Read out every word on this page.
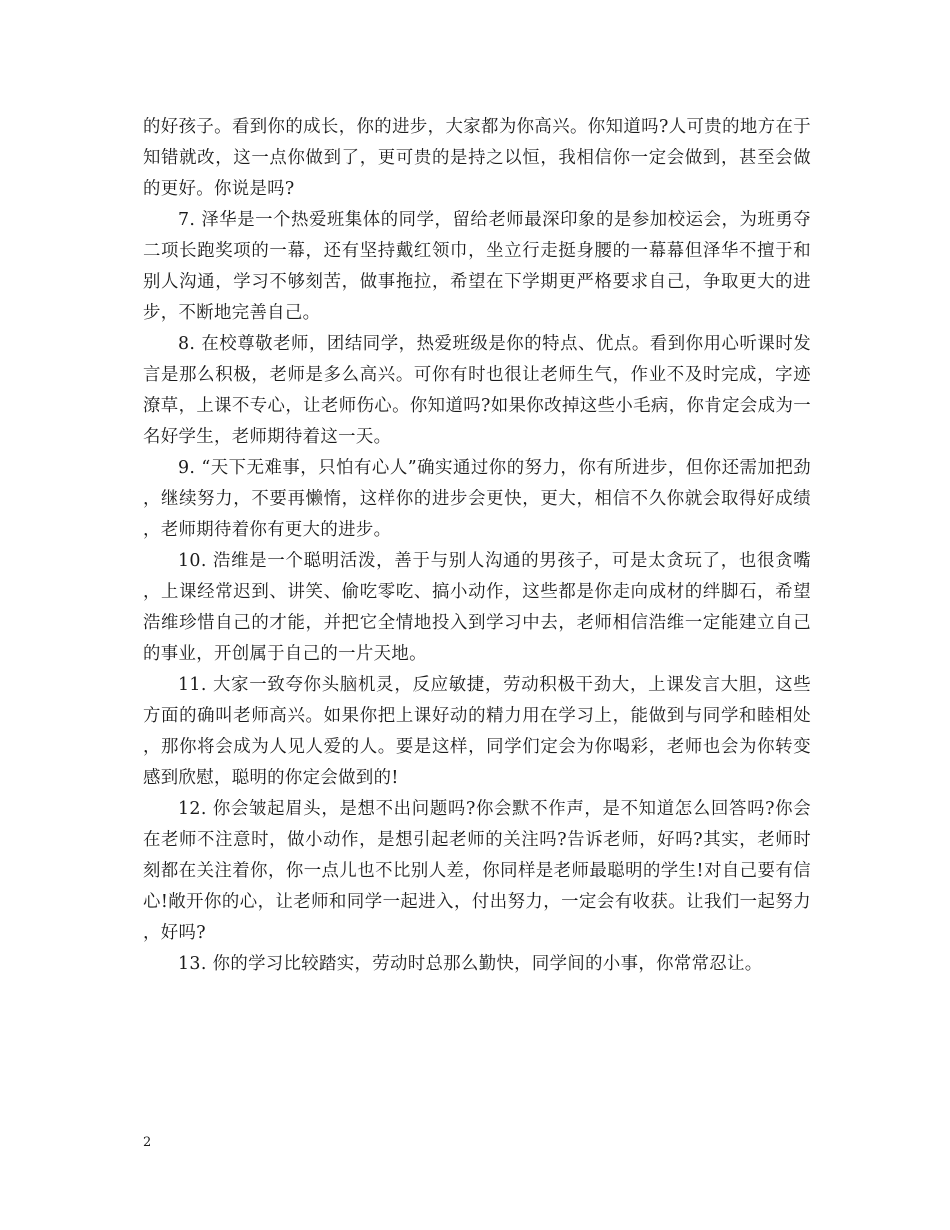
的好孩子。看到你的成长，你的进步，大家都为你高兴。你知道吗?人可贵的地方在于知错就改，这一点你做到了，更可贵的是持之以恒，我相信你一定会做到，甚至会做的更好。你说是吗?

7. 泽华是一个热爱班集体的同学，留给老师最深印象的是参加校运会，为班勇夺二项长跑奖项的一幕，还有坚持戴红领巾，坐立行走挺身腰的一幕幕但泽华不擅于和别人沟通，学习不够刻苦，做事拖拉，希望在下学期更严格要求自己，争取更大的进步，不断地完善自己。

8. 在校尊敬老师，团结同学，热爱班级是你的特点、优点。看到你用心听课时发言是那么积极，老师是多么高兴。可你有时也很让老师生气，作业不及时完成，字迹潦草，上课不专心，让老师伤心。你知道吗?如果你改掉这些小毛病，你肯定会成为一名好学生，老师期待着这一天。

9. “天下无难事，只怕有心人”确实通过你的努力，你有所进步，但你还需加把劲，继续努力，不要再懒惰，这样你的进步会更快，更大，相信不久你就会取得好成绩，老师期待着你有更大的进步。

10. 浩维是一个聪明活泼，善于与别人沟通的男孩子，可是太贪玩了，也很贪嘴，上课经常迟到、讲笑、偷吃零吃、搞小动作，这些都是你走向成材的绊脚石，希望浩维珍惜自己的才能，并把它全情地投入到学习中去，老师相信浩维一定能建立自己的事业，开创属于自己的一片天地。

11. 大家一致夸你头脑机灵，反应敏捷，劳动积极干劲大，上课发言大胆，这些方面的确叫老师高兴。如果你把上课好动的精力用在学习上，能做到与同学和睦相处，那你将会成为人见人爱的人。要是这样，同学们定会为你喝彩，老师也会为你转变感到欣慰，聪明的你定会做到的!

12. 你会皱起眉头，是想不出问题吗?你会默不作声，是不知道怎么回答吗?你会在老师不注意时，做小动作，是想引起老师的关注吗?告诉老师，好吗?其实，老师时刻都在关注着你，你一点儿也不比别人差，你同样是老师最聪明的学生!对自己要有信心!敞开你的心，让老师和同学一起进入，付出努力，一定会有收获。让我们一起努力，好吗?

13. 你的学习比较踏实，劳动时总那么勤快，同学间的小事，你常常忍让。

2
